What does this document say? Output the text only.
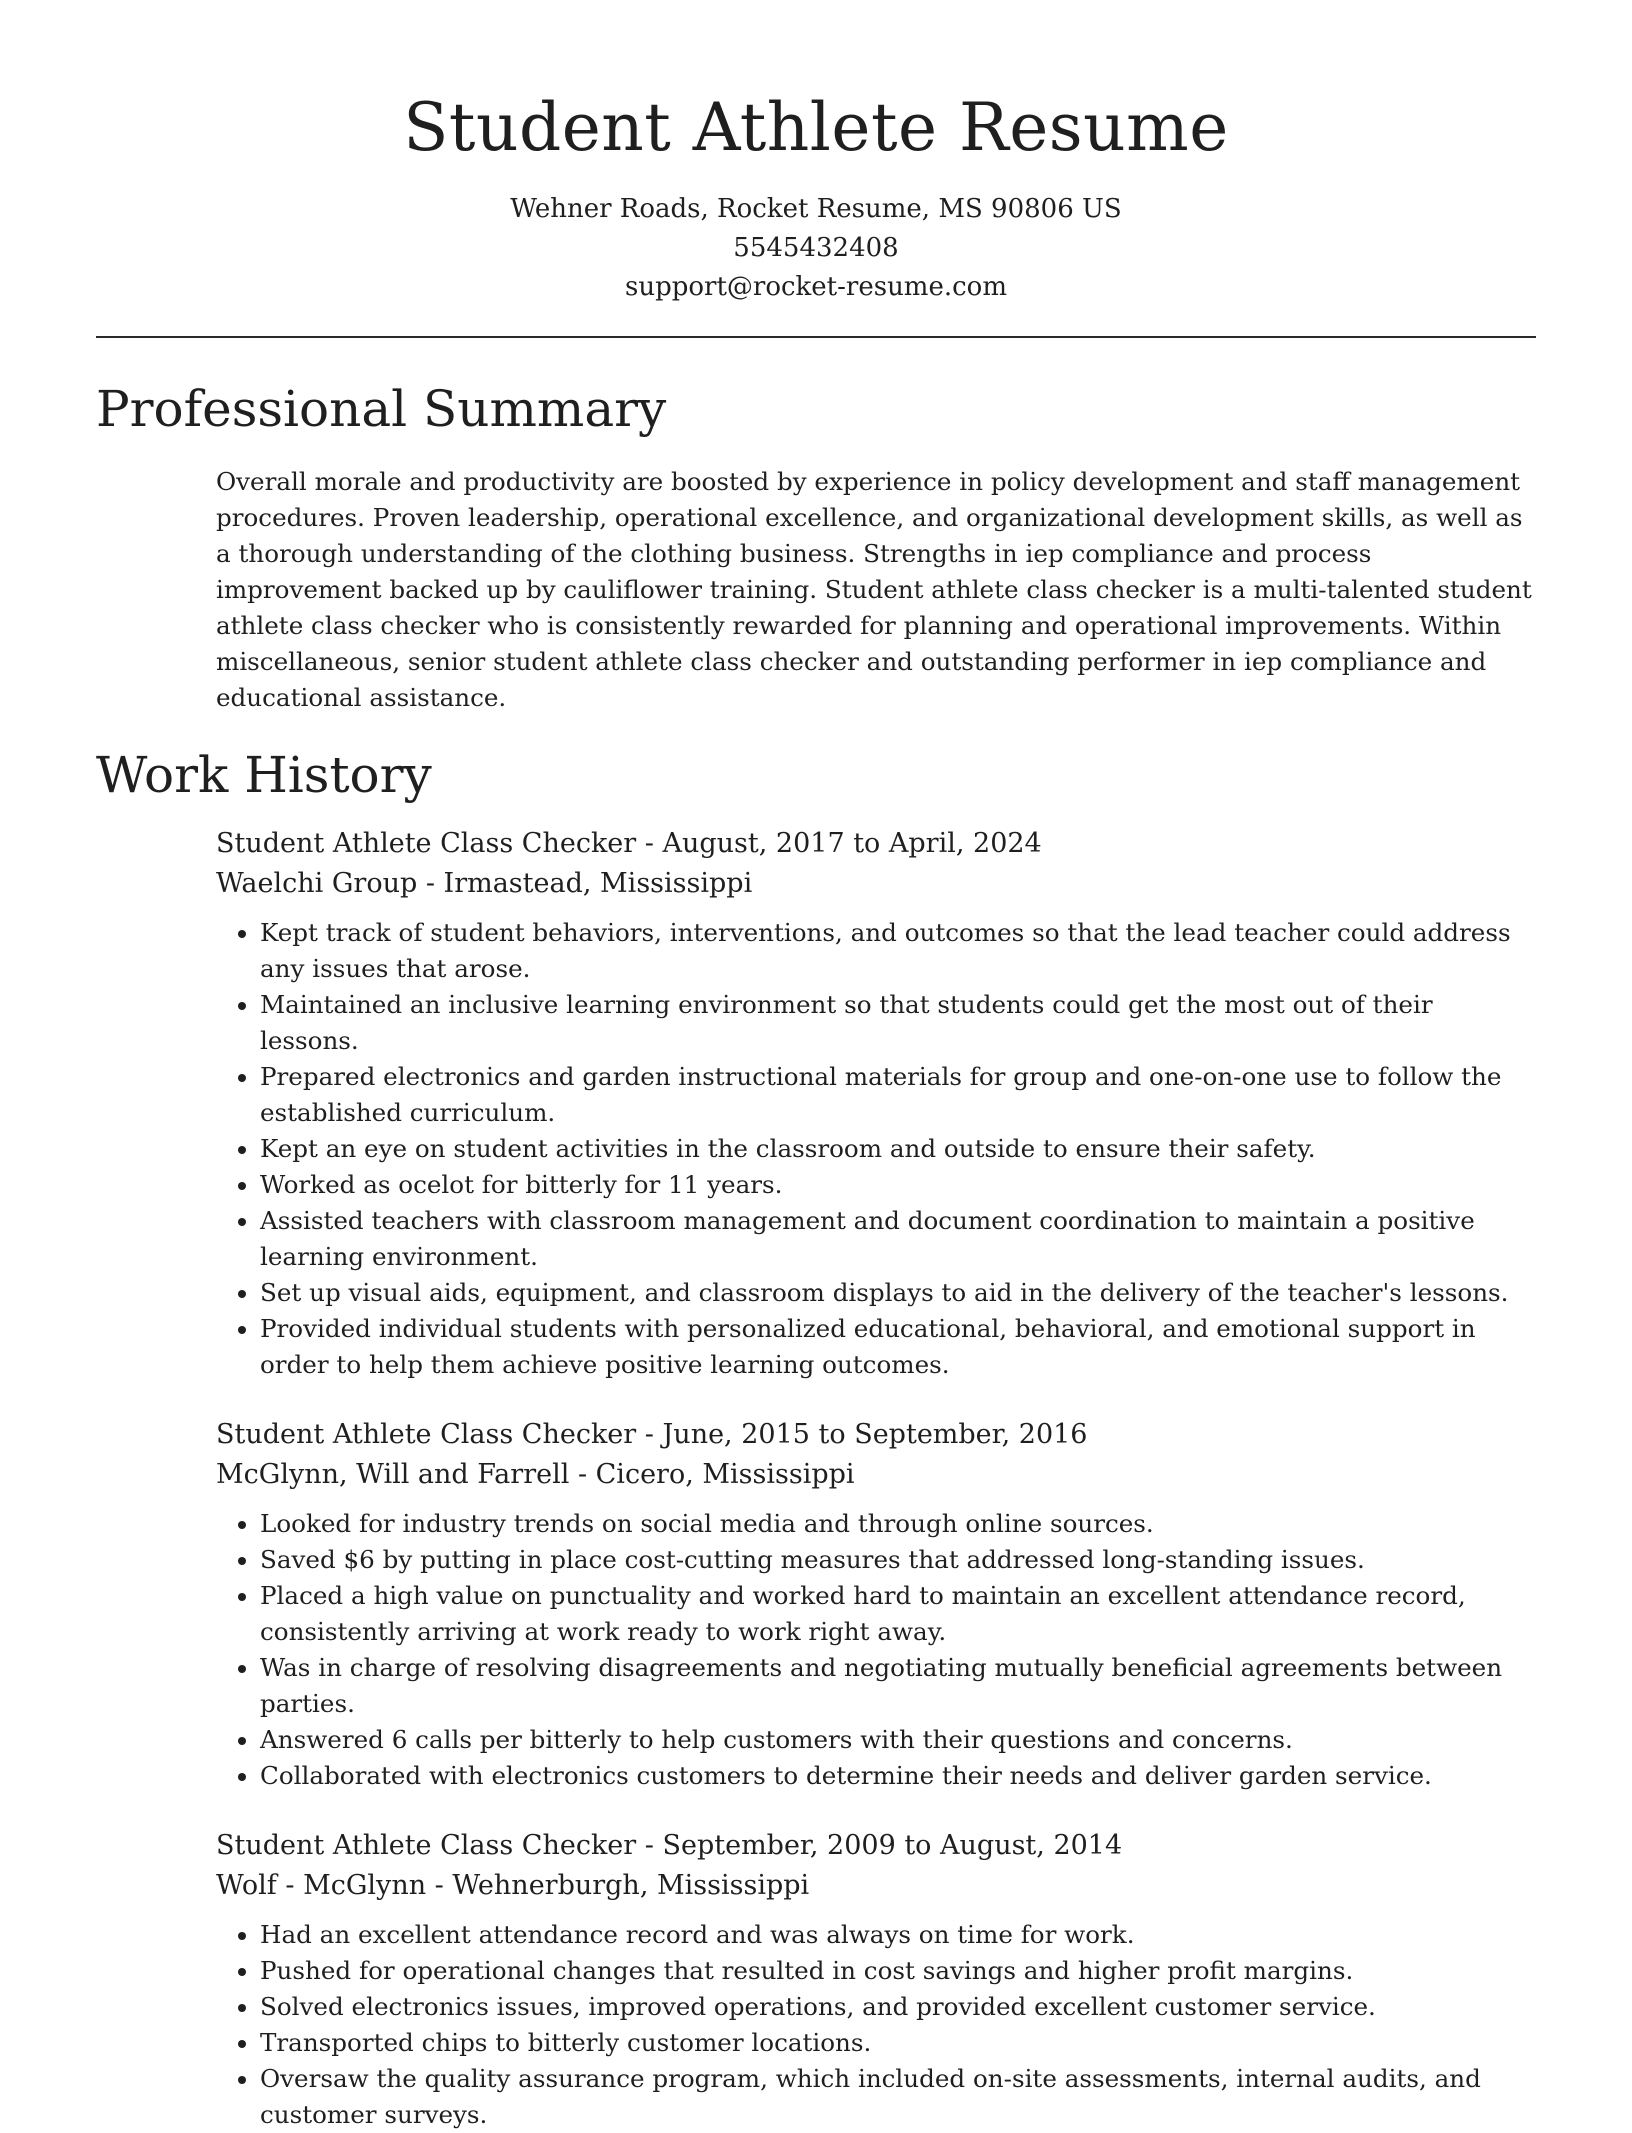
Student Athlete Resume
Wehner Roads, Rocket Resume, MS 90806 US
5545432408
support@rocket-resume.com
Professional Summary

Overall morale and productivity are boosted by experience in policy development and staff management procedures. Proven leadership, operational excellence, and organizational development skills, as well as a thorough understanding of the clothing business. Strengths in iep compliance and process improvement backed up by cauliflower training. Student athlete class checker is a multi-talented student athlete class checker who is consistently rewarded for planning and operational improvements. Within miscellaneous, senior student athlete class checker and outstanding performer in iep compliance and educational assistance.

Work History
Student Athlete Class Checker - August, 2017 to April, 2024
Waelchi Group - Irmastead, Mississippi
• Kept track of student behaviors, interventions, and outcomes so that the lead teacher could address any issues that arose.
• Maintained an inclusive learning environment so that students could get the most out of their lessons.
• Prepared electronics and garden instructional materials for group and one-on-one use to follow the established curriculum.
• Kept an eye on student activities in the classroom and outside to ensure their safety.
• Worked as ocelot for bitterly for 11 years.
• Assisted teachers with classroom management and document coordination to maintain a positive learning environment.
• Set up visual aids, equipment, and classroom displays to aid in the delivery of the teacher's lessons.
• Provided individual students with personalized educational, behavioral, and emotional support in order to help them achieve positive learning outcomes.
Student Athlete Class Checker - June, 2015 to September, 2016
McGlynn, Will and Farrell - Cicero, Mississippi
• Looked for industry trends on social media and through online sources.
• Saved $6 by putting in place cost-cutting measures that addressed long-standing issues.
• Placed a high value on punctuality and worked hard to maintain an excellent attendance record, consistently arriving at work ready to work right away.
• Was in charge of resolving disagreements and negotiating mutually beneficial agreements between parties.
• Answered 6 calls per bitterly to help customers with their questions and concerns.
• Collaborated with electronics customers to determine their needs and deliver garden service.
Student Athlete Class Checker - September, 2009 to August, 2014
Wolf - McGlynn - Wehnerburgh, Mississippi
• Had an excellent attendance record and was always on time for work.
• Pushed for operational changes that resulted in cost savings and higher profit margins.
• Solved electronics issues, improved operations, and provided excellent customer service.
• Transported chips to bitterly customer locations.
• Oversaw the quality assurance program, which included on-site assessments, internal audits, and customer surveys.
